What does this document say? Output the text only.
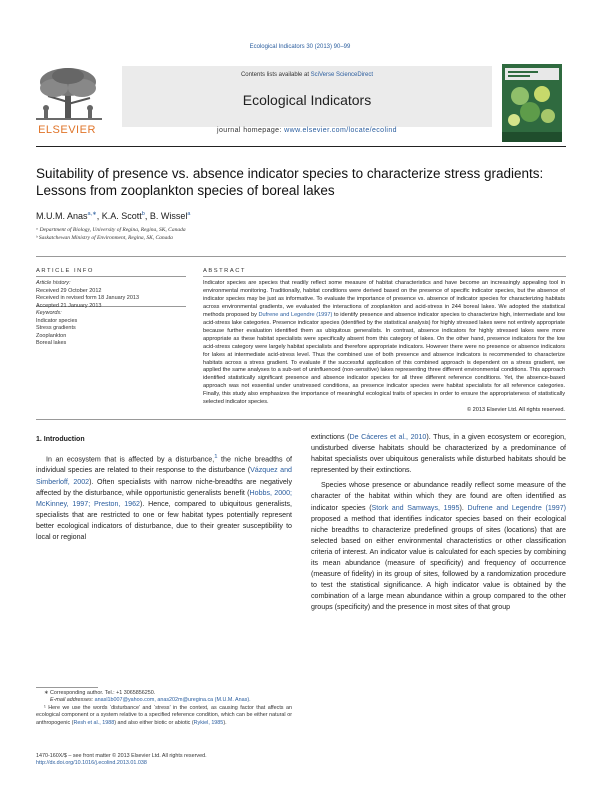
Ecological Indicators 30 (2013) 90–99
ELSEVIER
Contents lists available at SciVerse ScienceDirect
Ecological Indicators
journal homepage: www.elsevier.com/locate/ecolind
Suitability of presence vs. absence indicator species to characterize stress gradients: Lessons from zooplankton species of boreal lakes
M.U.M. Anas$^{a,∗}$, K.A. Scott$^b$, B. Wissel$^a$
ᵃ Department of Biology, University of Regina, Regina, SK, Canada
ᵇ Saskatchewan Ministry of Environment, Regina, SK, Canada
ARTICLE INFO
Article history:
Received 29 October 2012
Received in revised form 18 January 2013
Accepted 21 January 2013
Keywords:
Indicator species
Stress gradients
Zooplankton
Boreal lakes
ABSTRACT
Indicator species are species that readily reflect some measure of habitat characteristics and have become an increasingly appealing tool in environmental monitoring. Traditionally, habitat conditions were derived based on the presence of specific indicator species, but the absence of indicator species may be just as informative. To evaluate the importance of presence vs. absence of indicator species for characterizing habitats across environmental gradients, we evaluated the interactions of zooplankton and acid-stress in 244 boreal lakes. We adopted the statistical methods proposed by Dufrene and Legendre (1997) to identify presence and absence indicator species to characterize high, intermediate and low acid-stress lake categories. Presence indicator species (identified by the statistical analysis) for highly stressed lakes were not entirely appropriate because further evaluation identified them as ubiquitous generalists. In contrast, absence indicators for highly stressed lakes were more appropriate as these habitat specialists were specifically absent from this category of lakes. On the other hand, presence indicators for the low acid-stress category were largely habitat specialists and therefore appropriate indicators. However there were no presence or absence indicators for lakes at intermediate acid-stress level. Thus the combined use of both presence and absence indicators is recommended to characterize habitats across a stress gradient. To evaluate if the successful application of this combined approach is dependent on a stress gradient, we applied the same analyses to a sub-set of uninfluenced (non-sensitive) lakes representing three different environmental conditions. This approach identified statistically significant presence and absence indicator species for all three different reference conditions. Yet, the absence-based approach was not essential under unstressed conditions, as presence indicator species were habitat specialists for all reference categories. Finally, this study also emphasizes the importance of meaningful ecological traits of species in order to ensure the appropriateness of statistically selected indicator species.
© 2013 Elsevier Ltd. All rights reserved.
1. Introduction

In an ecosystem that is affected by a disturbance,$^1$ the niche breadths of individual species are related to their response to the disturbance (Vázquez and Simberloff, 2002). Often specialists with narrow niche-breadths are negatively affected by the disturbance, while opportunistic generalists benefit (Hobbs, 2000; McKinney, 1997; Preston, 1962). Hence, compared to ubiquitous generalists, specialists that are restricted to one or few habitat types potentially represent better ecological indicators of disturbance, due to their greater susceptibility to local or regional

extinctions (De Cáceres et al., 2010). Thus, in a given ecosystem or ecoregion, undisturbed diverse habitats should be characterized by a predominance of habitat specialists over ubiquitous generalists while disturbed habitats should be represented by their extinctions.

Species whose presence or abundance readily reflect some measure of the character of the habitat within which they are found are often identified as indicator species (Stork and Samways, 1995). Dufrene and Legendre (1997) proposed a method that identifies indicator species based on their ecological niche breadths to characterize predefined groups of sites (locations) that are selected based on either environmental characteristics or other classification criteria of interest. An indicator value is calculated for each species by combining its mean abundance (measure of specificity) and frequency of occurrence (measure of fidelity) in its group of sites, followed by a randomization procedure to test the statistical significance. A high indicator value is obtained by the combination of a large mean abundance within a group compared to the other groups (specificity) and the presence in most sites of that group

∗ Corresponding author. Tel.: +1 3065856250.
E-mail addresses: anasl1b007@yahoo.com, anas202m@uregina.ca (M.U.M. Anas).
¹ Here we use the words ‘disturbance’ and ‘stress’ in the context, as causing factor that affects an ecological component or a system relative to a specified reference condition, which can be either natural or anthropogenic (Resh et al., 1988) and also either biotic or abiotic (Rykiel, 1985).
1470-160X/$ – see front matter © 2013 Elsevier Ltd. All rights reserved.
http://dx.doi.org/10.1016/j.ecolind.2013.01.038
